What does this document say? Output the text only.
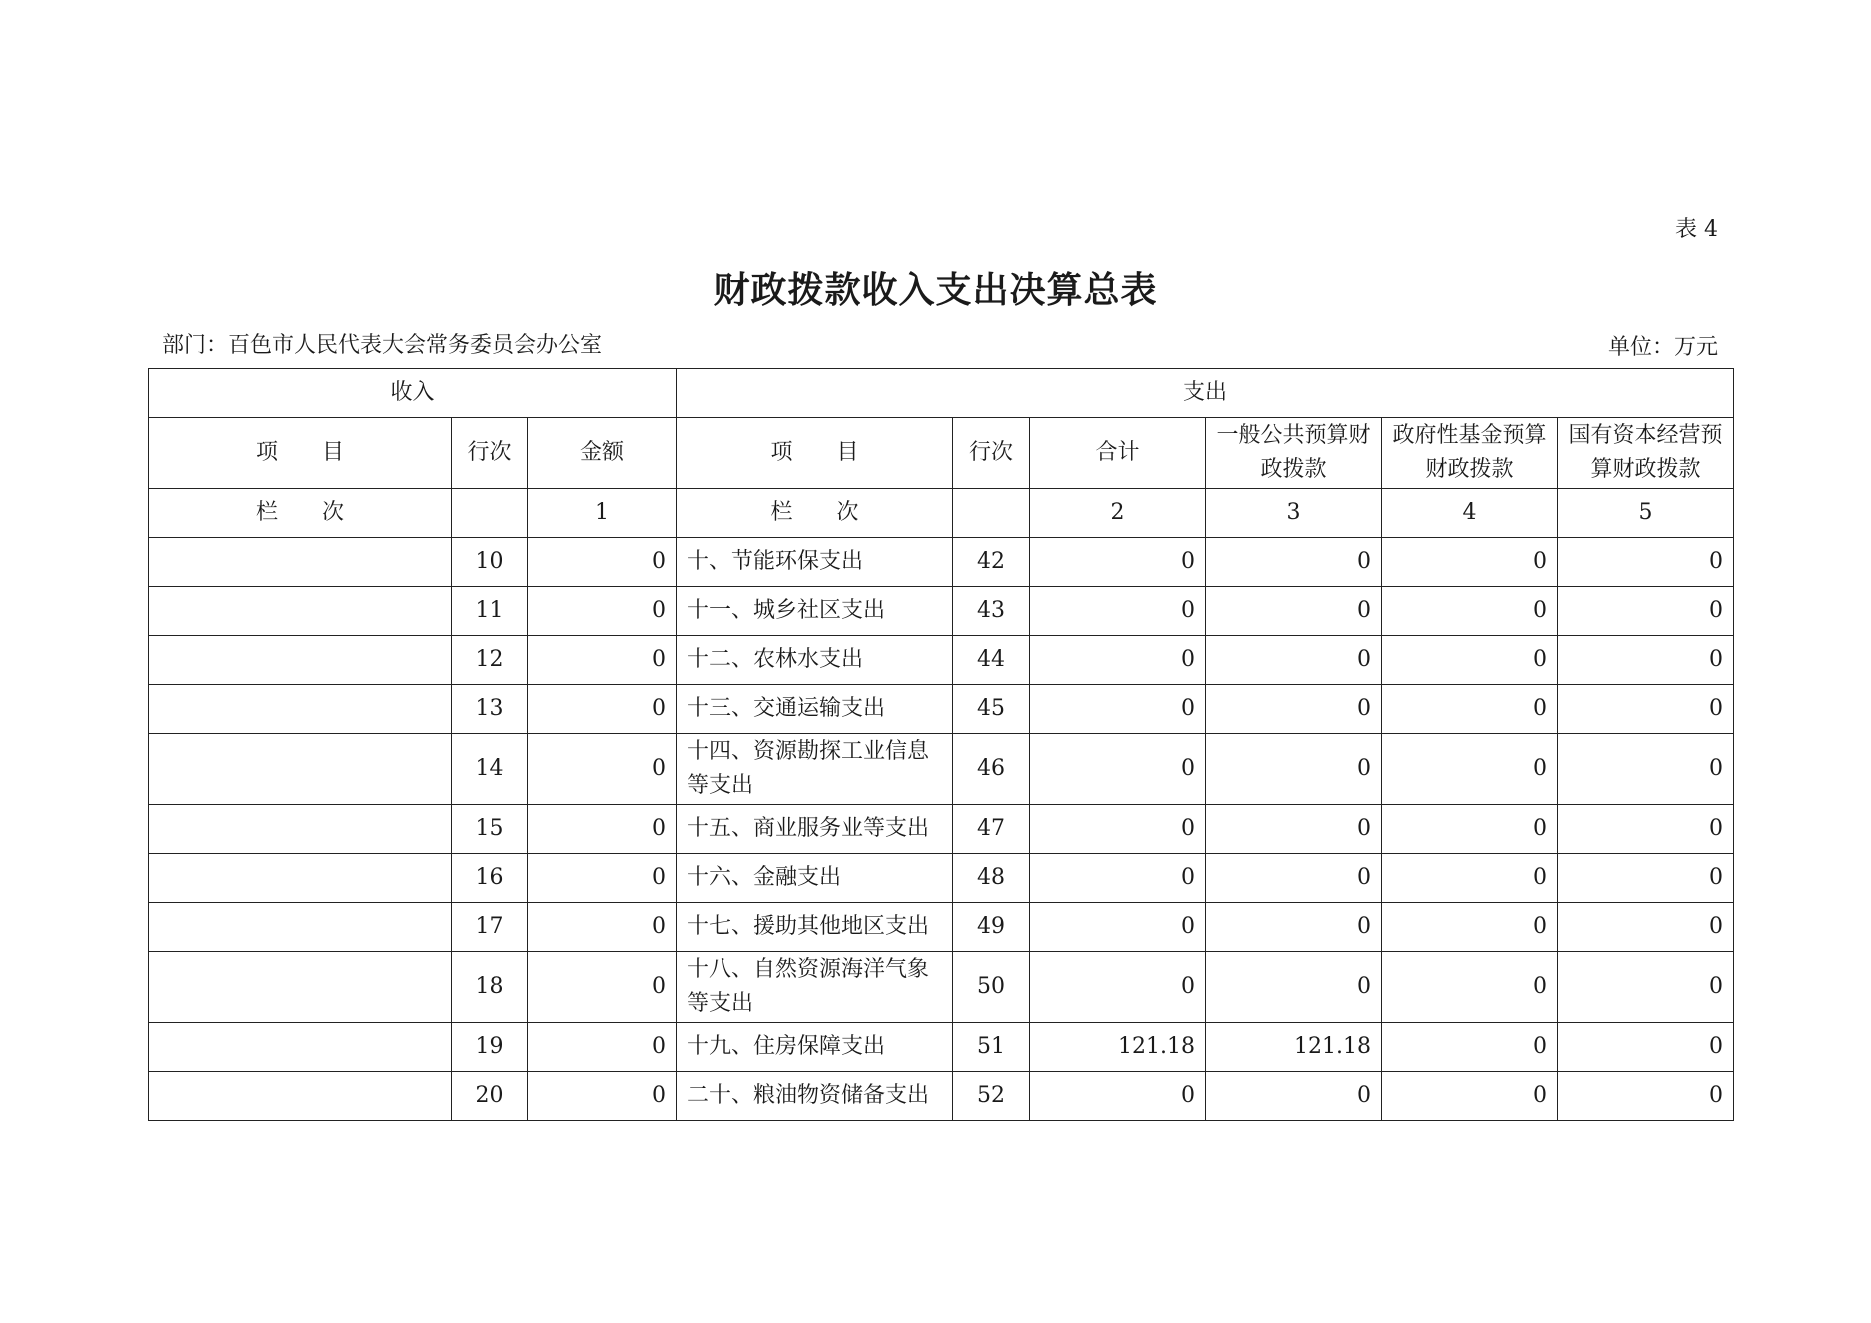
表 4
财政拨款收入支出决算总表
部门：百色市人民代表大会常务委员会办公室	单位：万元
收入			支出					
项　　目	行次	金额	项　　目	行次	合计	一般公共预算财政拨款	政府性基金预算财政拨款	国有资本经营预算财政拨款
栏　　次		1	栏　　次		2	3	4	5
	10	0	十、节能环保支出	42	0	0	0	0
	11	0	十一、城乡社区支出	43	0	0	0	0
	12	0	十二、农林水支出	44	0	0	0	0
	13	0	十三、交通运输支出	45	0	0	0	0
	14	0	十四、资源勘探工业信息等支出	46	0	0	0	0
	15	0	十五、商业服务业等支出	47	0	0	0	0
	16	0	十六、金融支出	48	0	0	0	0
	17	0	十七、援助其他地区支出	49	0	0	0	0
	18	0	十八、自然资源海洋气象等支出	50	0	0	0	0
	19	0	十九、住房保障支出	51	121.18	121.18	0	0
	20	0	二十、粮油物资储备支出	52	0	0	0	0
